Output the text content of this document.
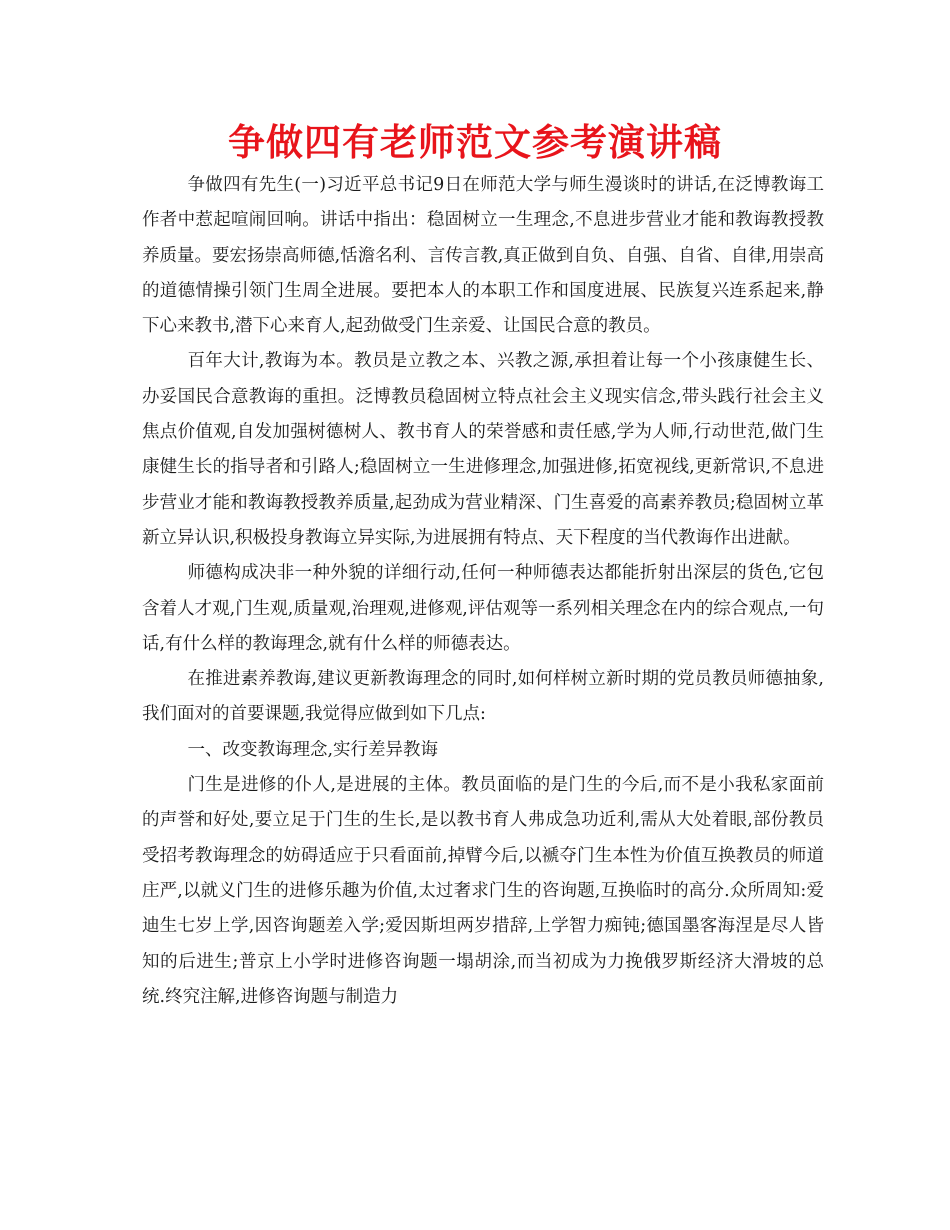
争做四有老师范文参考演讲稿

争做四有先生(一)习近平总书记9日在师范大学与师生漫谈时的讲话,在泛博教诲工作者中惹起喧闹回响。讲话中指出：稳固树立一生理念,不息进步营业才能和教诲教授教养质量。要宏扬崇高师德,恬澹名利、言传言教,真正做到自负、自强、自省、自律,用崇高的道德情操引领门生周全进展。要把本人的本职工作和国度进展、民族复兴连系起来,静下心来教书,潜下心来育人,起劲做受门生亲爱、让国民合意的教员。

百年大计,教诲为本。教员是立教之本、兴教之源,承担着让每一个小孩康健生长、办妥国民合意教诲的重担。泛博教员稳固树立特点社会主义现实信念,带头践行社会主义焦点价值观,自发加强树德树人、教书育人的荣誉感和责任感,学为人师,行动世范,做门生康健生长的指导者和引路人;稳固树立一生进修理念,加强进修,拓宽视线,更新常识,不息进步营业才能和教诲教授教养质量,起劲成为营业精深、门生喜爱的高素养教员;稳固树立革新立异认识,积极投身教诲立异实际,为进展拥有特点、天下程度的当代教诲作出进献。

师德构成决非一种外貌的详细行动,任何一种师德表达都能折射出深层的货色,它包含着人才观,门生观,质量观,治理观,进修观,评估观等一系列相关理念在内的综合观点,一句话,有什么样的教诲理念,就有什么样的师德表达。

在推进素养教诲,建议更新教诲理念的同时,如何样树立新时期的党员教员师德抽象,我们面对的首要课题,我觉得应做到如下几点:

一、改变教诲理念,实行差异教诲

门生是进修的仆人,是进展的主体。教员面临的是门生的今后,而不是小我私家面前的声誉和好处,要立足于门生的生长,是以教书育人弗成急功近利,需从大处着眼,部份教员受招考教诲理念的妨碍适应于只看面前,掉臂今后,以褫夺门生本性为价值互换教员的师道庄严,以就义门生的进修乐趣为价值,太过奢求门生的咨询题,互换临时的高分.众所周知:爱迪生七岁上学,因咨询题差入学;爱因斯坦两岁措辞,上学智力痴钝;德国墨客海涅是尽人皆知的后进生;普京上小学时进修咨询题一塌胡涂,而当初成为力挽俄罗斯经济大滑坡的总统.终究注解,进修咨询题与制造力
